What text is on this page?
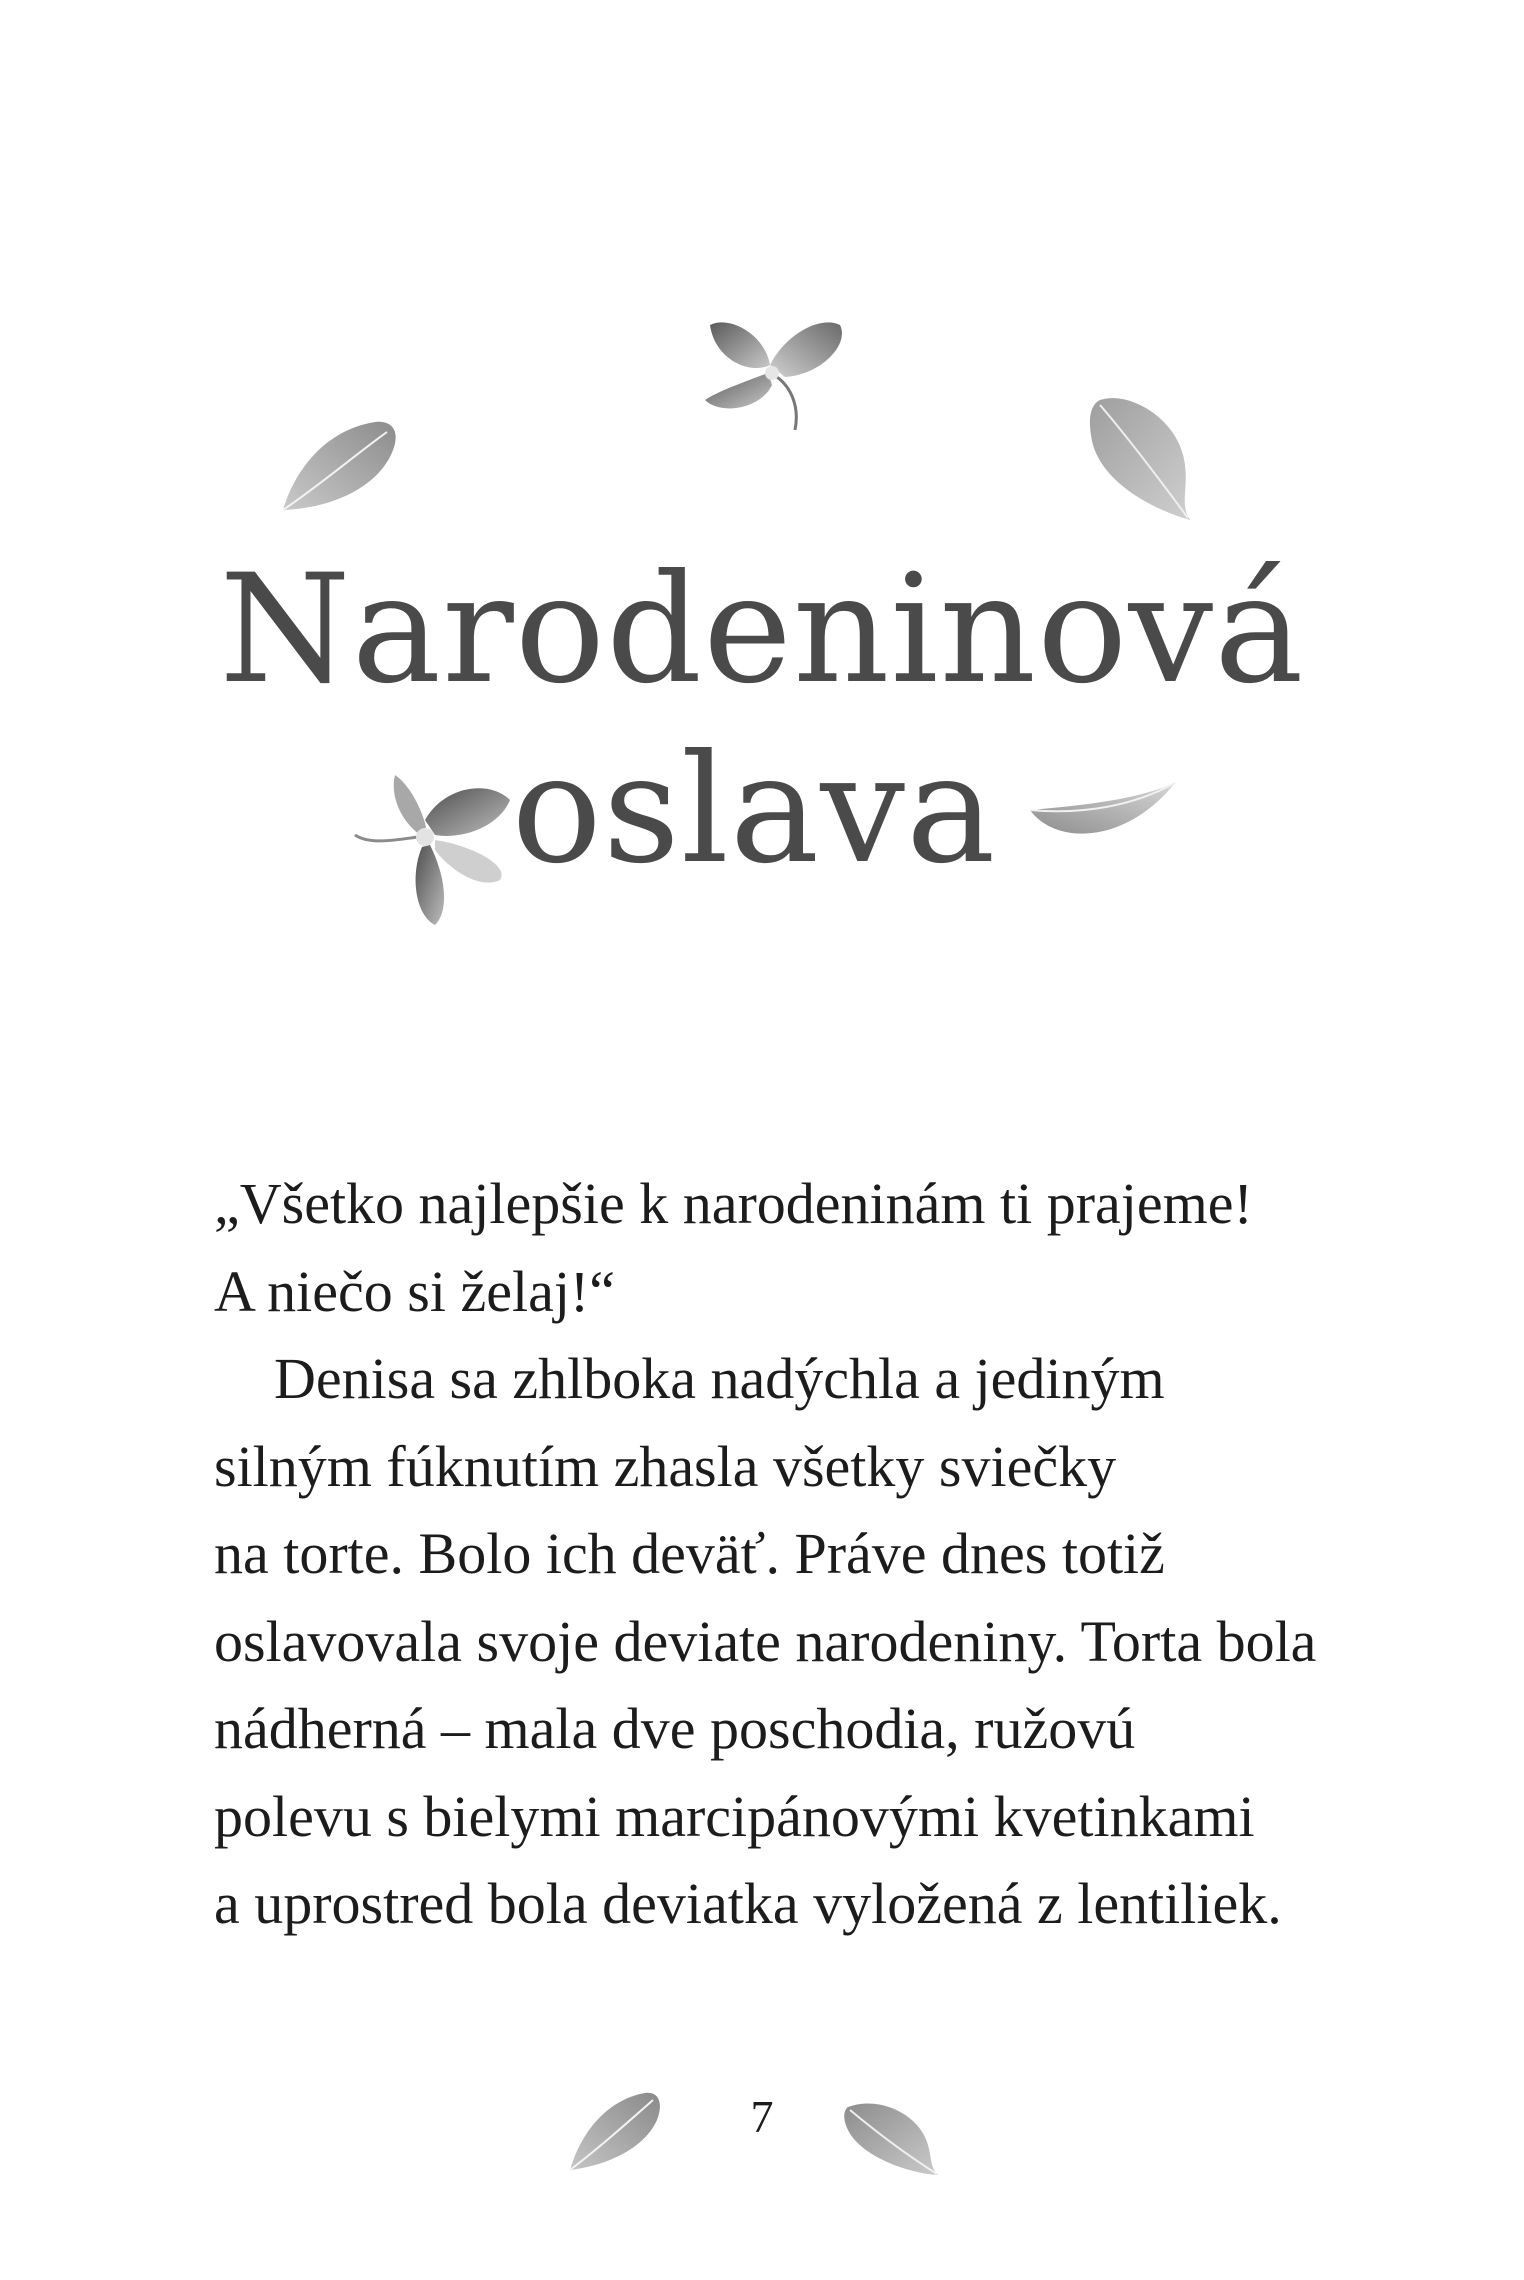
Narodeninová
oslava

„Všetko najlepšie k narodeninám ti prajeme!
A niečo si želaj!“

Denisa sa zhlboka nadýchla a jediným
silným fúknutím zhasla všetky sviečky
na torte. Bolo ich deväť. Práve dnes totiž
oslavovala svoje deviate narodeniny. Torta bola
nádherná – mala dve poschodia, ružovú
polevu s bielymi marcipánovými kvetinkami
a uprostred bola deviatka vyložená z lentiliek.

7
